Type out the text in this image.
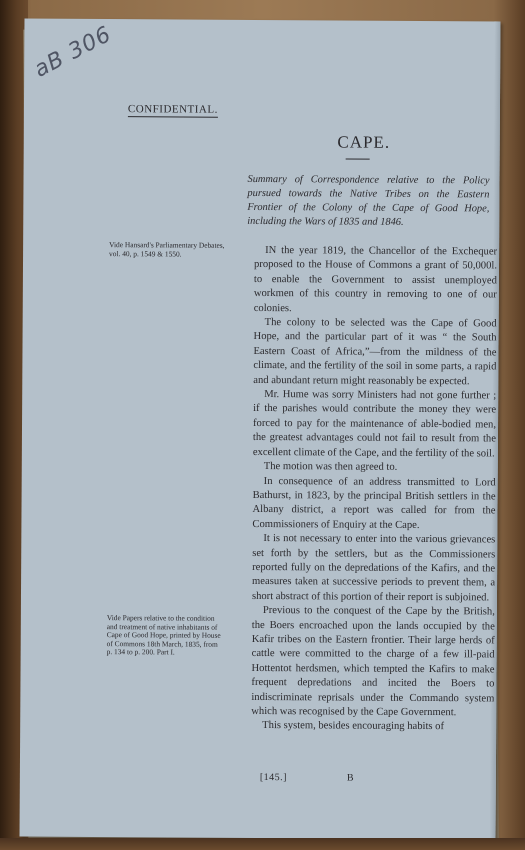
aB 306
CONFIDENTIAL.
CAPE.
Summary of Correspondence relative to the Policy pursued towards the Native Tribes on the Eastern Frontier of the Colony of the Cape of Good Hope, including the Wars of 1835 and 1846.
Vide Hansard's Parliamentary Debates, vol. 40, p. 1549 & 1550.
Vide Papers relative to the condition and treatment of native inhabitants of Cape of Good Hope, printed by House of Commons 18th March, 1835, from p. 134 to p. 200. Part I.

IN the year 1819, the Chancellor of the Exchequer proposed to the House of Commons a grant of 50,000l. to enable the Government to assist unemployed workmen of this country in removing to one of our colonies.

The colony to be selected was the Cape of Good Hope, and the particular part of it was “ the South Eastern Coast of Africa,”—from the mildness of the climate, and the fertility of the soil in some parts, a rapid and abundant return might reasonably be expected.

Mr. Hume was sorry Ministers had not gone further ; if the parishes would contribute the money they were forced to pay for the maintenance of able-bodied men, the greatest advantages could not fail to result from the excellent climate of the Cape, and the fertility of the soil.

The motion was then agreed to.

In consequence of an address transmitted to Lord Bathurst, in 1823, by the principal British settlers in the Albany district, a report was called for from the Commissioners of Enquiry at the Cape.

It is not necessary to enter into the various grievances set forth by the settlers, but as the Commissioners reported fully on the depredations of the Kafirs, and the measures taken at successive periods to prevent them, a short abstract of this portion of their report is subjoined.

Previous to the conquest of the Cape by the British, the Boers encroached upon the lands occupied by the Kafir tribes on the Eastern frontier. Their large herds of cattle were committed to the charge of a few ill-paid Hottentot herdsmen, which tempted the Kafirs to make frequent depredations and incited the Boers to indiscriminate reprisals under the Commando system which was recognised by the Cape Government.

This system, besides encouraging habits of

[145.]	B
